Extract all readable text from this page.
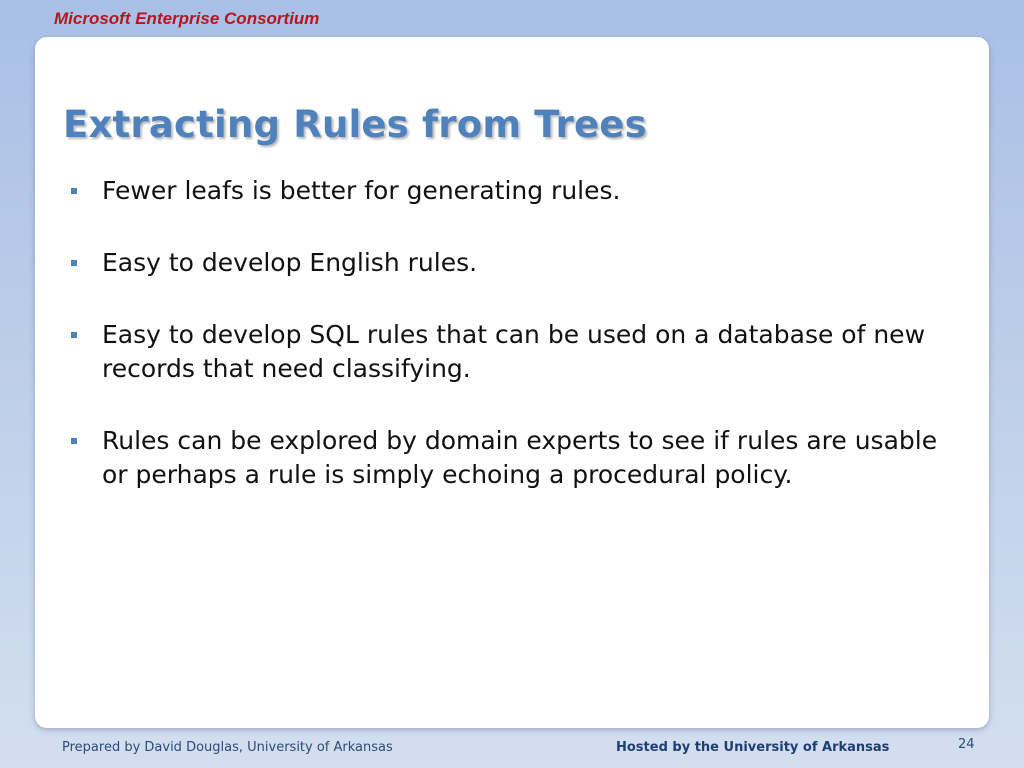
Microsoft Enterprise Consortium
Extracting Rules from Trees
Fewer leafs is better for generating rules.
Easy to develop English rules.
Easy to develop SQL rules that can be used on a database of new records that need classifying.
Rules can be explored by domain experts to see if rules are usable or perhaps a rule is simply echoing a procedural policy.
Prepared by David Douglas, University of Arkansas	Hosted by the University of Arkansas	24
